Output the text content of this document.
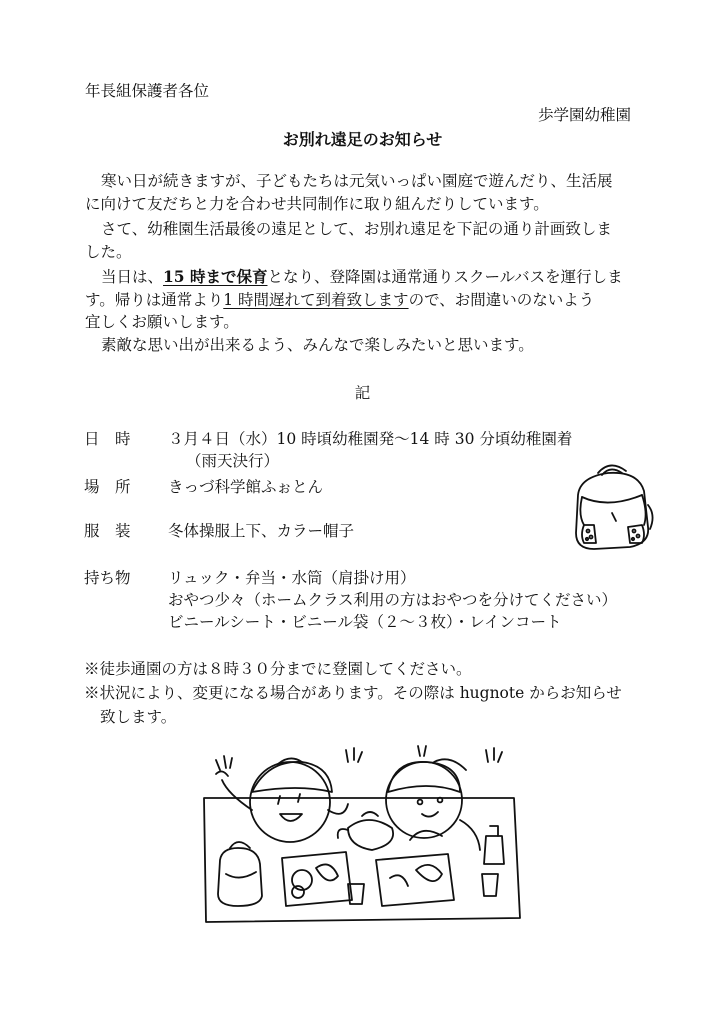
年長組保護者各位
歩学園幼稚園
お別れ遠足のお知らせ
寒い日が続きますが、子どもたちは元気いっぱい園庭で遊んだり、生活展
に向けて友だちと力を合わせ共同制作に取り組んだりしています。
さて、幼稚園生活最後の遠足として、お別れ遠足を下記の通り計画致しま
した。
当日は、15 時まで保育となり、登降園は通常通りスクールバスを運行しま
す。帰りは通常より1 時間遅れて到着致しますので、お間違いのないよう
宜しくお願いします。
素敵な思い出が出来るよう、みんなで楽しみたいと思います。
記
日　時 ３月４日（水）10 時頃幼稚園発～14 時 30 分頃幼稚園着
（雨天決行）
場　所 きっづ科学館ふぉとん
服　装 冬体操服上下、カラー帽子
持ち物 リュック・弁当・水筒（肩掛け用）
おやつ少々（ホームクラス利用の方はおやつを分けてください）
ビニールシート・ビニール袋（２～３枚）・レインコート
※徒歩通園の方は８時３０分までに登園してください。
※状況により、変更になる場合があります。その際は hugnote からお知らせ
致します。
